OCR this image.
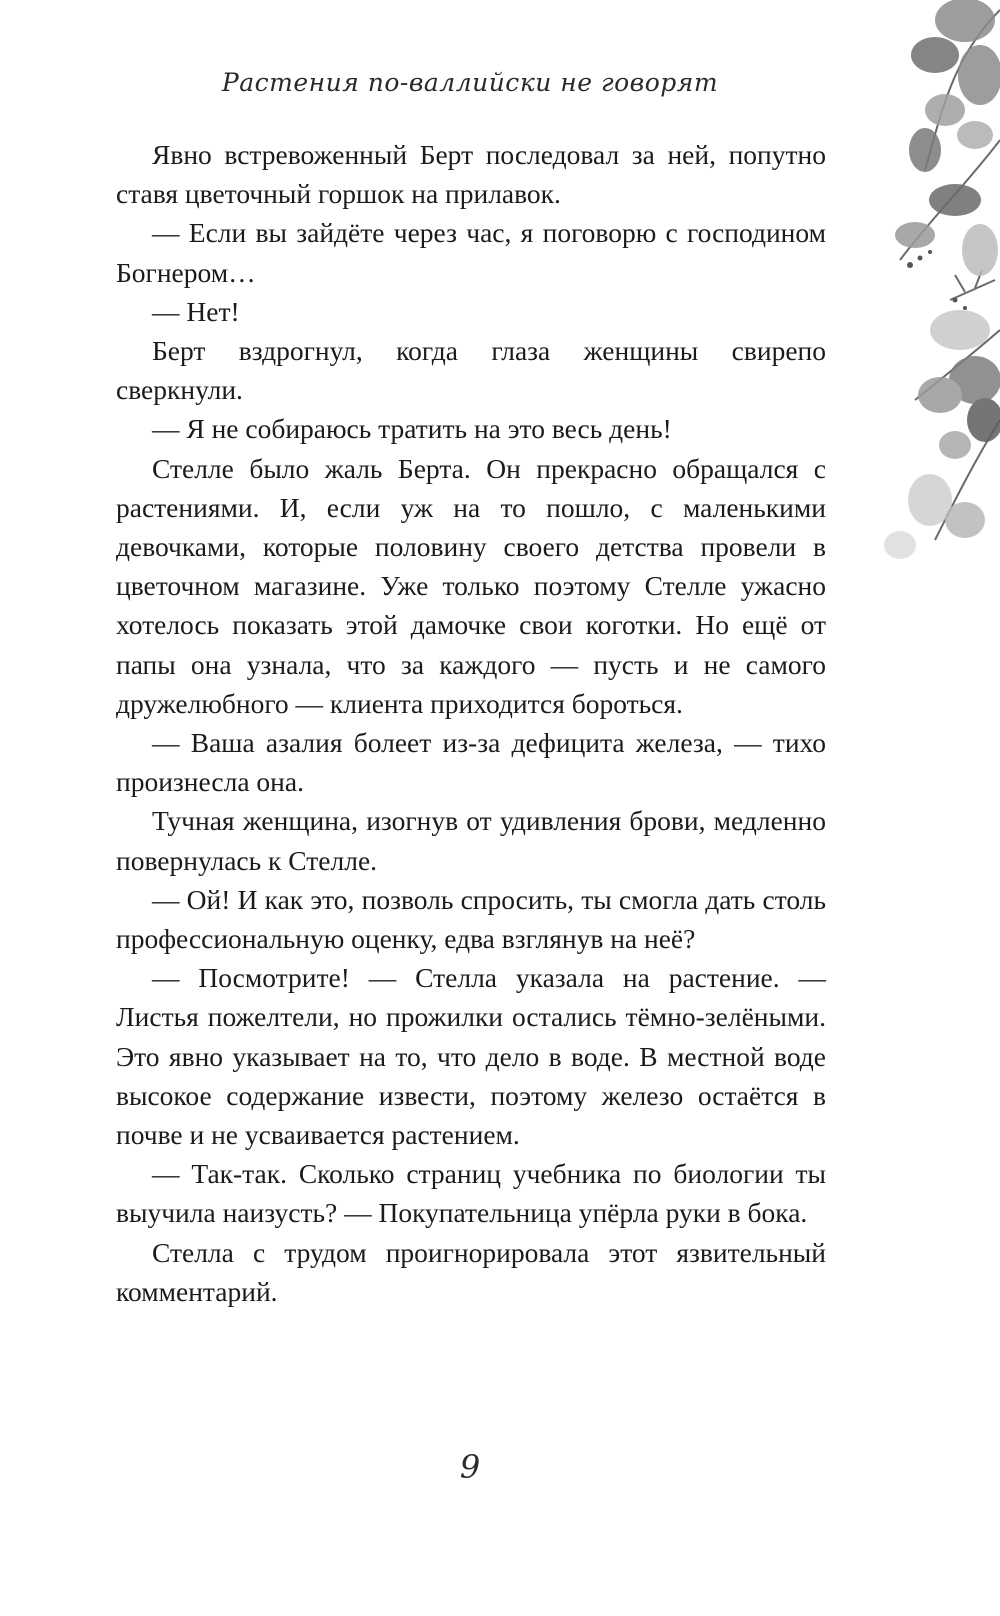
Растения по-валлийски не говорят

Явно встревоженный Берт последовал за ней, попутно ставя цветочный горшок на прилавок.

— Если вы зайдёте через час, я поговорю с господином Богнером…

— Нет!

Берт вздрогнул, когда глаза женщины свирепо сверкнули.

— Я не собираюсь тратить на это весь день!

Стелле было жаль Берта. Он прекрасно обращался с растениями. И, если уж на то пошло, с маленькими девочками, которые половину своего детства провели в цветочном магазине. Уже только поэтому Стелле ужасно хотелось показать этой дамочке свои коготки. Но ещё от папы она узнала, что за каждого — пусть и не самого дружелюбного — клиента приходится бороться.

— Ваша азалия болеет из-за дефицита железа, — тихо произнесла она.

Тучная женщина, изогнув от удивления брови, медленно повернулась к Стелле.

— Ой! И как это, позволь спросить, ты смогла дать столь профессиональную оценку, едва взглянув на неё?

— Посмотрите! — Стелла указала на растение. — Листья пожелтели, но прожилки остались тёмно-зелёными. Это явно указывает на то, что дело в воде. В местной воде высокое содержание извести, поэтому железо остаётся в почве и не усваивается растением.

— Так-так. Сколько страниц учебника по биологии ты выучила наизусть? — Покупательница упёрла руки в бока.

Стелла с трудом проигнорировала этот язвительный комментарий.

9
